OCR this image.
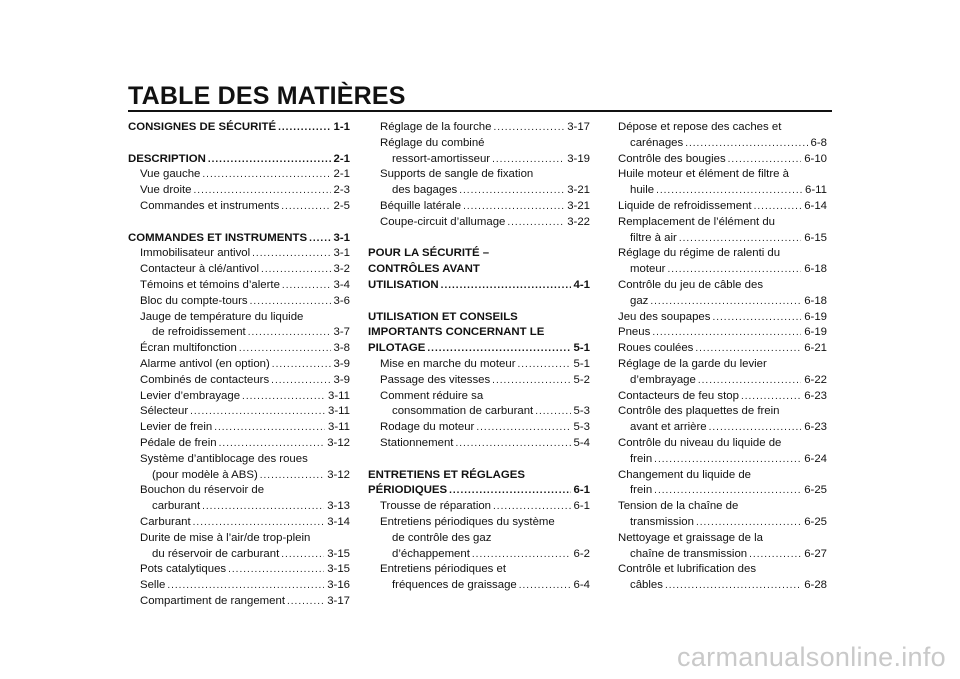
TABLE DES MATIÈRES
CONSIGNES DE SÉCURITÉ .....	1-1
DESCRIPTION .....	2-1
Vue gauche .....	2-1
Vue droite .....	2-3
Commandes et instruments .....	2-5
COMMANDES ET INSTRUMENTS ..... 3-1
Immobilisateur antivol .....	3-1
Contacteur à clé/antivol .....	3-2
Témoins et témoins d’alerte .....	3-4
Bloc du compte-tours .....	3-6
Jauge de température du liquide
de refroidissement .....	3-7
Écran multifonction .....	3-8
Alarme antivol (en option) .....	3-9
Combinés de contacteurs .....	3-9
Levier d’embrayage .....	3-11
Sélecteur .....	3-11
Levier de frein .....	3-11
Pédale de frein .....	3-12
Système d’antiblocage des roues
(pour modèle à ABS) .....	3-12
Bouchon du réservoir de
carburant .....	3-13
Carburant .....	3-14
Durite de mise à l’air/de trop-plein
du réservoir de carburant .....	3-15
Pots catalytiques .....	3-15
Selle .....	3-16
Compartiment de rangement .....	3-17
Réglage de la fourche .....	3-17
Réglage du combiné
ressort-amortisseur .....	3-19
Supports de sangle de fixation
des bagages .....	3-21
Béquille latérale .....	3-21
Coupe-circuit d’allumage .....	3-22
POUR LA SÉCURITÉ –
CONTRÔLES AVANT
UTILISATION .....	4-1
UTILISATION ET CONSEILS
IMPORTANTS CONCERNANT LE
PILOTAGE .....	5-1
Mise en marche du moteur .....	5-1
Passage des vitesses .....	5-2
Comment réduire sa
consommation de carburant .....	5-3
Rodage du moteur .....	5-3
Stationnement .....	5-4
ENTRETIENS ET RÉGLAGES
PÉRIODIQUES .....	6-1
Trousse de réparation .....	6-1
Entretiens périodiques du système
de contrôle des gaz
d’échappement .....	6-2
Entretiens périodiques et
fréquences de graissage .....	6-4
Dépose et repose des caches et
carénages .....	6-8
Contrôle des bougies .....	6-10
Huile moteur et élément de filtre à
huile .....	6-11
Liquide de refroidissement .....	6-14
Remplacement de l’élément du
filtre à air .....	6-15
Réglage du régime de ralenti du
moteur .....	6-18
Contrôle du jeu de câble des
gaz .....	6-18
Jeu des soupapes .....	6-19
Pneus .....	6-19
Roues coulées .....	6-21
Réglage de la garde du levier
d’embrayage .....	6-22
Contacteurs de feu stop .....	6-23
Contrôle des plaquettes de frein
avant et arrière .....	6-23
Contrôle du niveau du liquide de
frein .....	6-24
Changement du liquide de
frein .....	6-25
Tension de la chaîne de
transmission .....	6-25
Nettoyage et graissage de la
chaîne de transmission .....	6-27
Contrôle et lubrification des
câbles .....	6-28
carmanualsonline.info
